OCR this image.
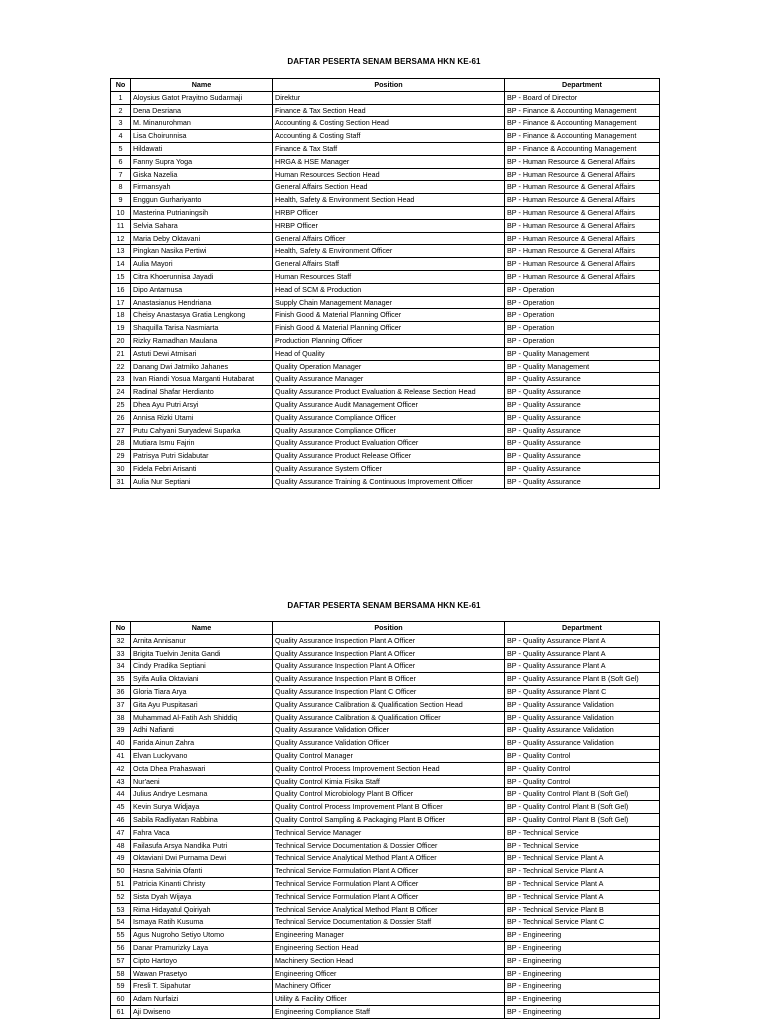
DAFTAR PESERTA SENAM BERSAMA HKN KE-61
No	Name	Position	Department
1	Aloysius Gatot Prayitno Sudarmaji	Direktur	BP - Board of Director
2	Dena Desriana	Finance & Tax Section Head	BP - Finance & Accounting Management
3	M. Minanurohman	Accounting & Costing Section Head	BP - Finance & Accounting Management
4	Lisa Choirunnisa	Accounting & Costing Staff	BP - Finance & Accounting Management
5	Hildawati	Finance & Tax Staff	BP - Finance & Accounting Management
6	Fanny Supra Yoga	HRGA & HSE Manager	BP - Human Resource & General Affairs
7	Giska Nazelia	Human Resources Section Head	BP - Human Resource & General Affairs
8	Firmansyah	General Affairs Section Head	BP - Human Resource & General Affairs
9	Enggun Gurhariyanto	Health, Safety & Environment Section Head	BP - Human Resource & General Affairs
10	Masterina Putrianingsih	HRBP Officer	BP - Human Resource & General Affairs
11	Selvia Sahara	HRBP Officer	BP - Human Resource & General Affairs
12	Maria Deby Oktavani	General Affairs Officer	BP - Human Resource & General Affairs
13	Pingkan Nasika Pertiwi	Health, Safety & Environment Officer	BP - Human Resource & General Affairs
14	Aulia Mayori	General Affairs Staff	BP - Human Resource & General Affairs
15	Citra Khoerunnisa Jayadi	Human Resources Staff	BP - Human Resource & General Affairs
16	Dipo Antarnusa	Head of SCM & Production	BP - Operation
17	Anastasianus Hendriana	Supply Chain Management Manager	BP - Operation
18	Cheisy Anastasya Gratia Lengkong	Finish Good & Material Planning Officer	BP - Operation
19	Shaquilla Tarisa Nasmiarta	Finish Good & Material Planning Officer	BP - Operation
20	Rizky Ramadhan Maulana	Production Planning Officer	BP - Operation
21	Astuti Dewi Atmisari	Head of Quality	BP - Quality Management
22	Danang Dwi Jatmiko Jahanes	Quality Operation Manager	BP - Quality Management
23	Ivan Riandi Yosua Marganti Hutabarat	Quality Assurance Manager	BP - Quality Assurance
24	Radinal Shafar Herdianto	Quality Assurance Product Evaluation & Release Section Head	BP - Quality Assurance
25	Dhea Ayu Putri Arsyi	Quality Assurance Audit Management Officer	BP - Quality Assurance
26	Annisa Rizki Utami	Quality Assurance Compliance Officer	BP - Quality Assurance
27	Putu Cahyani Suryadewi Suparka	Quality Assurance Compliance Officer	BP - Quality Assurance
28	Mutiara Ismu Fajrin	Quality Assurance Product Evaluation Officer	BP - Quality Assurance
29	Patrisya Putri Sidabutar	Quality Assurance Product Release Officer	BP - Quality Assurance
30	Fidela Febri Arisanti	Quality Assurance System Officer	BP - Quality Assurance
31	Aulia Nur Septiani	Quality Assurance Training & Continuous Improvement Officer	BP - Quality Assurance
DAFTAR PESERTA SENAM BERSAMA HKN KE-61
No	Name	Position	Department
32	Arnita Annisanur	Quality Assurance Inspection Plant A Officer	BP - Quality Assurance Plant A
33	Brigita Tuelvin Jenita Gandi	Quality Assurance Inspection Plant A Officer	BP - Quality Assurance Plant A
34	Cindy Pradika Septiani	Quality Assurance Inspection Plant A Officer	BP - Quality Assurance Plant A
35	Syifa Aulia Oktaviani	Quality Assurance Inspection Plant B Officer	BP - Quality Assurance Plant B (Soft Gel)
36	Gloria Tiara Arya	Quality Assurance Inspection Plant C Officer	BP - Quality Assurance Plant C
37	Gita Ayu Puspitasari	Quality Assurance Calibration & Qualification Section Head	BP - Quality Assurance Validation
38	Muhammad Al-Fatih Ash Shiddiq	Quality Assurance Calibration & Qualification Officer	BP - Quality Assurance Validation
39	Adhi Nafianti	Quality Assurance Validation Officer	BP - Quality Assurance Validation
40	Farida Ainun Zahra	Quality Assurance Validation Officer	BP - Quality Assurance Validation
41	Elvan Luckyvano	Quality Control Manager	BP - Quality Control
42	Octa Dhea Prahaswari	Quality Control Process Improvement Section Head	BP - Quality Control
43	Nur'aeni	Quality Control Kimia Fisika Staff	BP - Quality Control
44	Julius Andrye Lesmana	Quality Control Microbiology Plant B Officer	BP - Quality Control Plant B (Soft Gel)
45	Kevin Surya Widjaya	Quality Control Process Improvement Plant B Officer	BP - Quality Control Plant B (Soft Gel)
46	Sabila Radliyatan Rabbina	Quality Control Sampling & Packaging Plant B Officer	BP - Quality Control Plant B (Soft Gel)
47	Fahra Vaca	Technical Service Manager	BP - Technical Service
48	Failasufa Arsya Nandika Putri	Technical Service Documentation & Dossier Officer	BP - Technical Service
49	Oktaviani Dwi Purnama Dewi	Technical Service Analytical Method Plant A Officer	BP - Technical Service Plant A
50	Hasna Salvinia Ofanti	Technical Service Formulation Plant A Officer	BP - Technical Service Plant A
51	Patricia Kinanti Christy	Technical Service Formulation Plant A Officer	BP - Technical Service Plant A
52	Sista Dyah Wijaya	Technical Service Formulation Plant A Officer	BP - Technical Service Plant A
53	Rima Hidayatul Qoiriyah	Technical Service Analytical Method Plant B Officer	BP - Technical Service Plant B
54	Ismaya Ratih Kusuma	Technical Service Documentation & Dossier Staff	BP - Technical Service Plant C
55	Agus Nugroho Setiyo Utomo	Engineering Manager	BP - Engineering
56	Danar Pramurizky Laya	Engineering Section Head	BP - Engineering
57	Cipto Hartoyo	Machinery Section Head	BP - Engineering
58	Wawan Prasetyo	Engineering Officer	BP - Engineering
59	Fresli T. Sipahutar	Machinery Officer	BP - Engineering
60	Adam Nurfaizi	Utility & Facility Officer	BP - Engineering
61	Aji Dwiseno	Engineering Compliance Staff	BP - Engineering
